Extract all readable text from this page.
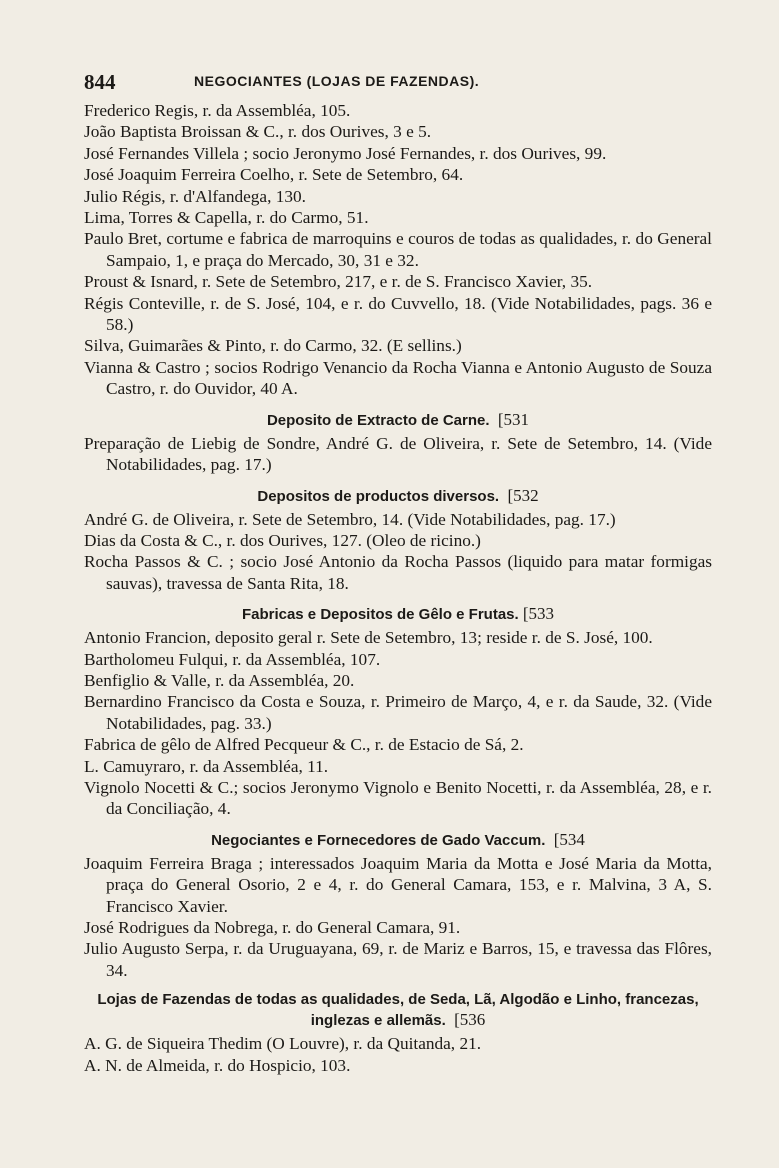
844	NEGOCIANTES (LOJAS DE FAZENDAS).
Frederico Regis, r. da Assembléa, 105.
João Baptista Broissan & C., r. dos Ourives, 3 e 5.
José Fernandes Villela ; socio Jeronymo José Fernandes, r. dos Ourives, 99.
José Joaquim Ferreira Coelho, r. Sete de Setembro, 64.
Julio Régis, r. d'Alfandega, 130.
Lima, Torres & Capella, r. do Carmo, 51.
Paulo Bret, cortume e fabrica de marroquins e couros de todas as qualidades, r. do General Sampaio, 1, e praça do Mercado, 30, 31 e 32.
Proust & Isnard, r. Sete de Setembro, 217, e r. de S. Francisco Xavier, 35.
Régis Conteville, r. de S. José, 104, e r. do Cuvvello, 18. (Vide Notabilidades, pags. 36 e 58.)
Silva, Guimarães & Pinto, r. do Carmo, 32. (E sellins.)
Vianna & Castro ; socios Rodrigo Venancio da Rocha Vianna e Antonio Augusto de Souza Castro, r. do Ouvidor, 40 A.
Deposito de Extracto de Carne. [531
Preparação de Liebig de Sondre, André G. de Oliveira, r. Sete de Setembro, 14. (Vide Notabilidades, pag. 17.)
Depositos de productos diversos. [532
André G. de Oliveira, r. Sete de Setembro, 14. (Vide Notabilidades, pag. 17.)
Dias da Costa & C., r. dos Ourives, 127. (Oleo de ricino.)
Rocha Passos & C. ; socio José Antonio da Rocha Passos (liquido para matar formigas sauvas), travessa de Santa Rita, 18.
Fabricas e Depositos de Gêlo e Frutas. [533
Antonio Francion, deposito geral r. Sete de Setembro, 13; reside r. de S. José, 100.
Bartholomeu Fulqui, r. da Assembléa, 107.
Benfiglio & Valle, r. da Assembléa, 20.
Bernardino Francisco da Costa e Souza, r. Primeiro de Março, 4, e r. da Saude, 32. (Vide Notabilidades, pag. 33.)
Fabrica de gêlo de Alfred Pecqueur & C., r. de Estacio de Sá, 2.
L. Camuyraro, r. da Assembléa, 11.
Vignolo Nocetti & C.; socios Jeronymo Vignolo e Benito Nocetti, r. da Assembléa, 28, e r. da Conciliação, 4.
Negociantes e Fornecedores de Gado Vaccum. [534
Joaquim Ferreira Braga ; interessados Joaquim Maria da Motta e José Maria da Motta, praça do General Osorio, 2 e 4, r. do General Camara, 153, e r. Malvina, 3 A, S. Francisco Xavier.
José Rodrigues da Nobrega, r. do General Camara, 91.
Julio Augusto Serpa, r. da Uruguayana, 69, r. de Mariz e Barros, 15, e travessa das Flôres, 34.
Lojas de Fazendas de todas as qualidades, de Seda, Lã, Algodão e Linho, francezas, inglezas e allemãs. [536
A. G. de Siqueira Thedim (O Louvre), r. da Quitanda, 21.
A. N. de Almeida, r. do Hospicio, 103.
